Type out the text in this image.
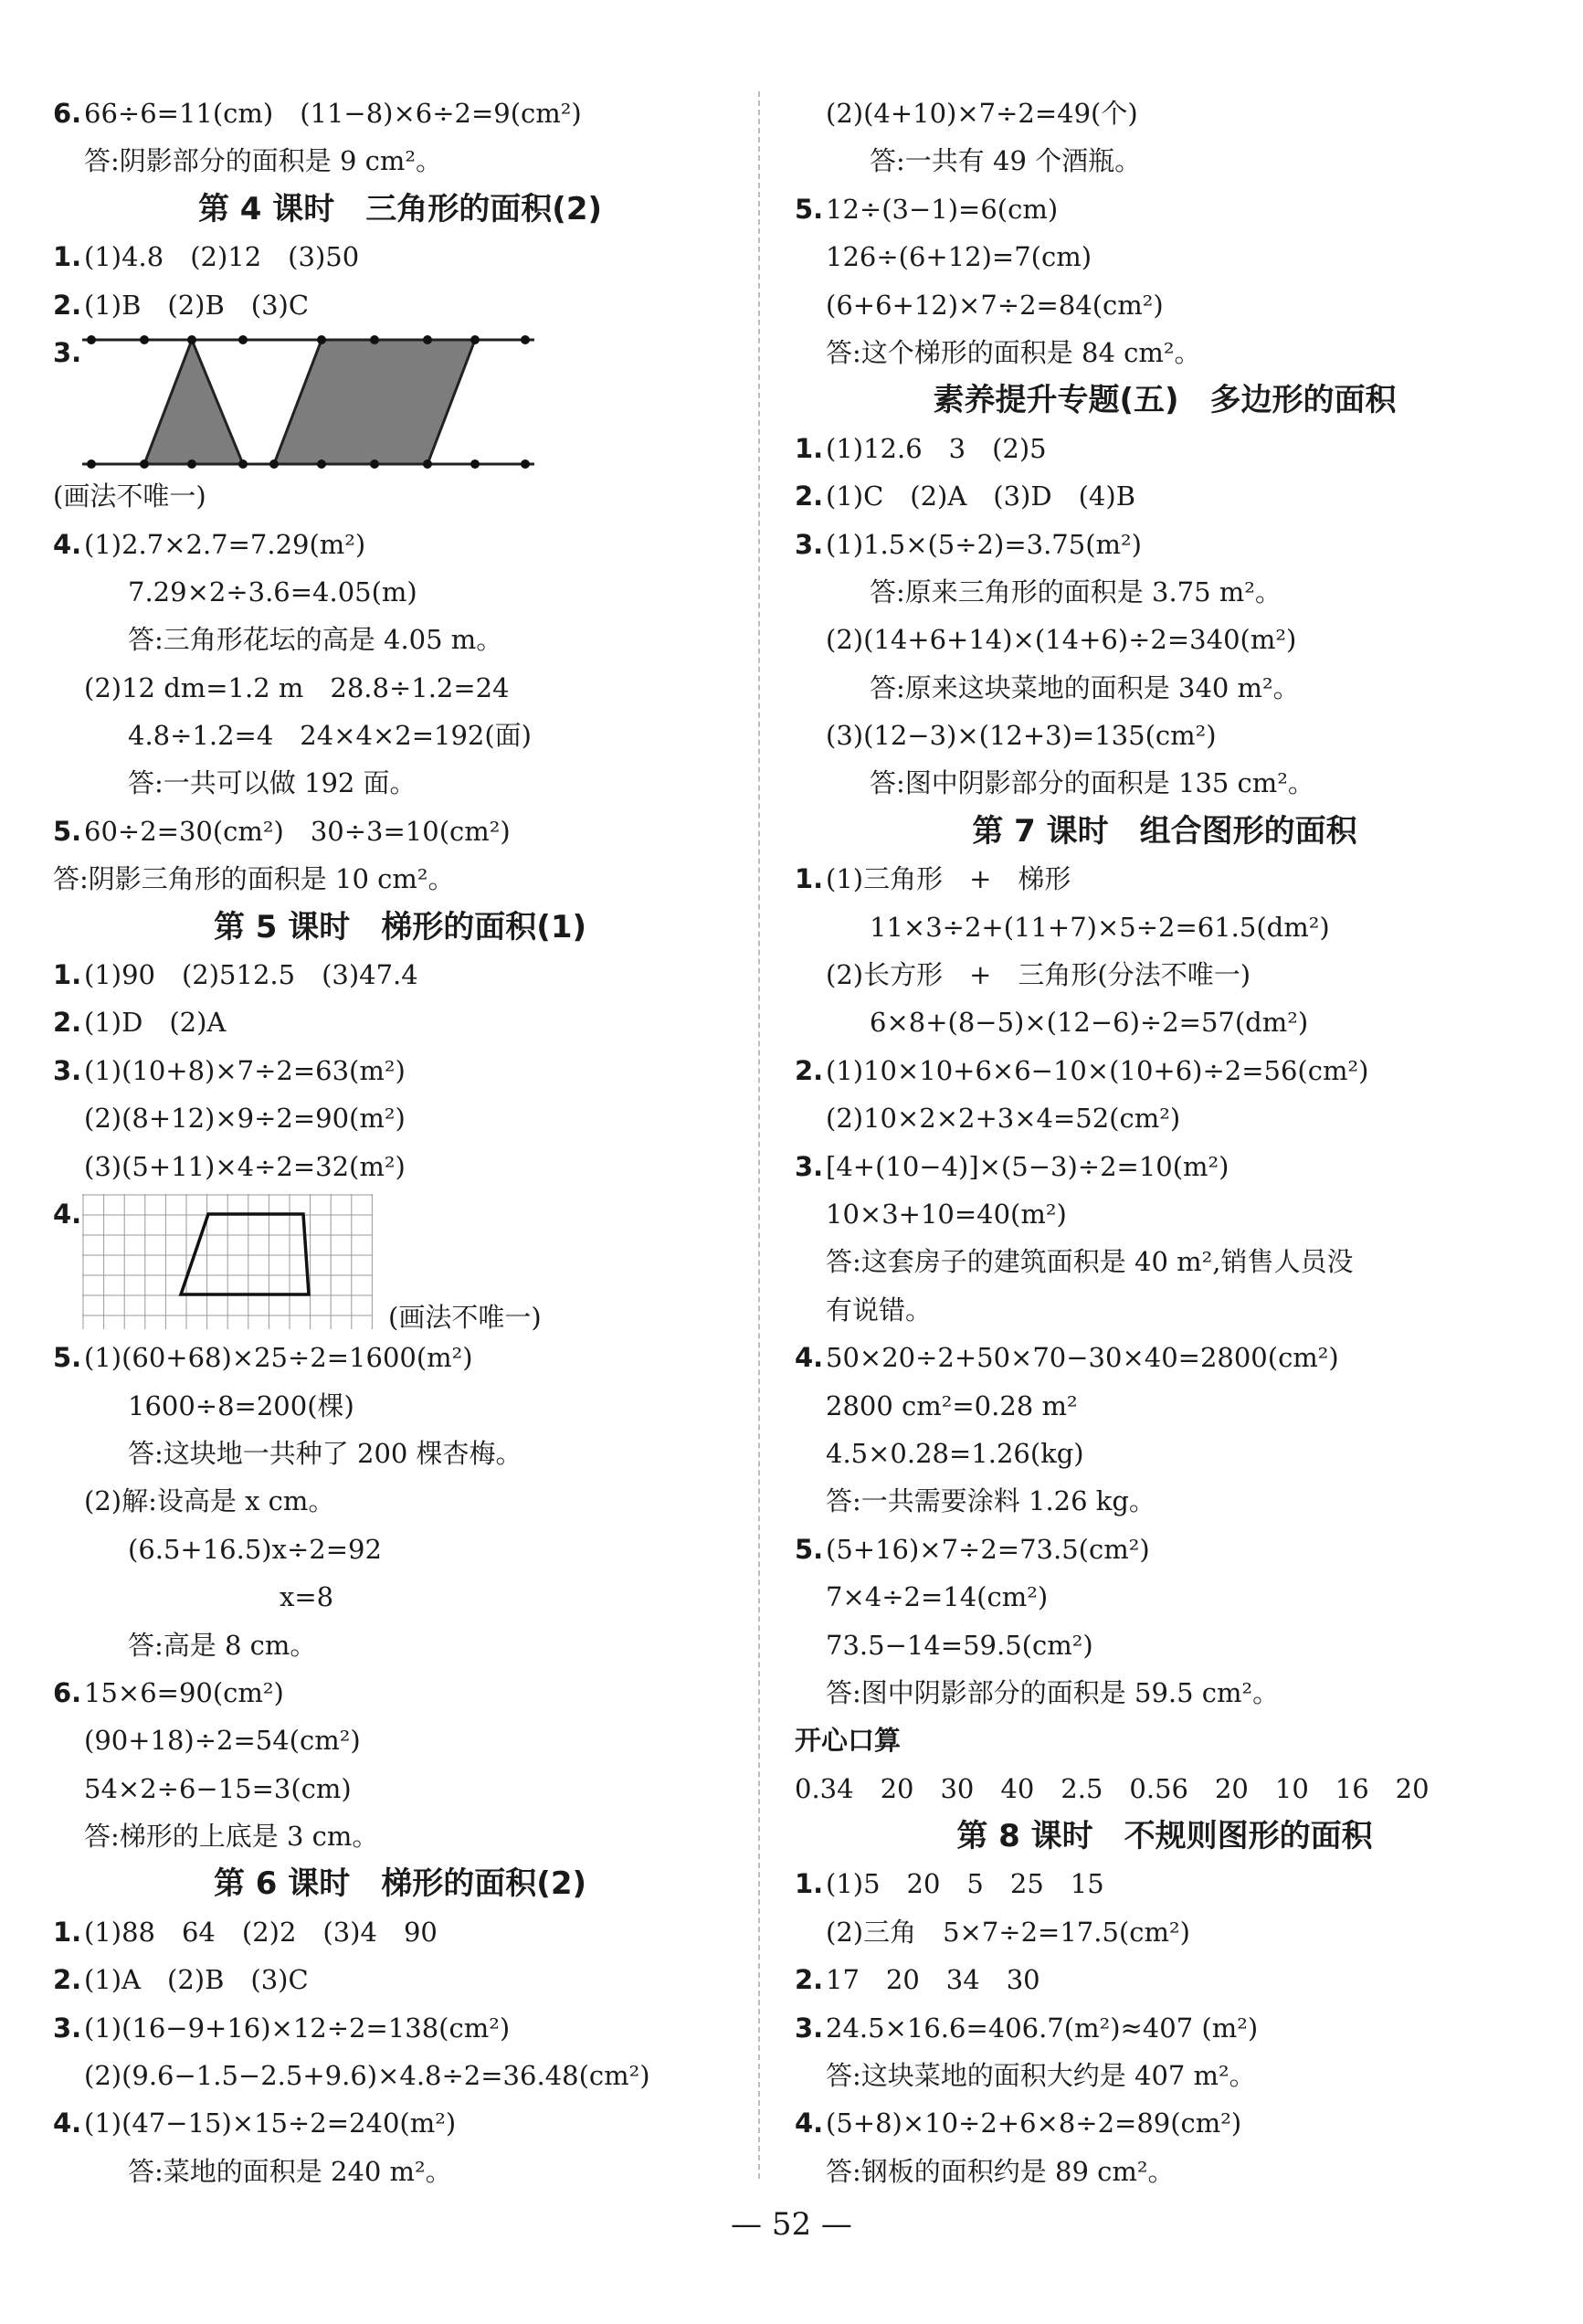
6.66÷6=11(cm)　(11−8)×6÷2=9(cm²)
答:阴影部分的面积是 9 cm²。
第 4 课时　三角形的面积(2)
1.(1)4.8　(2)12　(3)50
2.(1)B　(2)B　(3)C
3.
(画法不唯一)
4.(1)2.7×2.7=7.29(m²)
7.29×2÷3.6=4.05(m)
答:三角形花坛的高是 4.05 m。
(2)12 dm=1.2 m　28.8÷1.2=24
4.8÷1.2=4　24×4×2=192(面)
答:一共可以做 192 面。
5.60÷2=30(cm²)　30÷3=10(cm²)
答:阴影三角形的面积是 10 cm²。
第 5 课时　梯形的面积(1)
1.(1)90　(2)512.5　(3)47.4
2.(1)D　(2)A
3.(1)(10+8)×7÷2=63(m²)
(2)(8+12)×9÷2=90(m²)
(3)(5+11)×4÷2=32(m²)
4.
5.(1)(60+68)×25÷2=1600(m²)
1600÷8=200(棵)
答:这块地一共种了 200 棵杏梅。
(2)解:设高是 x cm。
(6.5+16.5)x÷2=92
x=8
答:高是 8 cm。
6.15×6=90(cm²)
(90+18)÷2=54(cm²)
54×2÷6−15=3(cm)
答:梯形的上底是 3 cm。
第 6 课时　梯形的面积(2)
1.(1)88　64　(2)2　(3)4　90
2.(1)A　(2)B　(3)C
3.(1)(16−9+16)×12÷2=138(cm²)
(2)(9.6−1.5−2.5+9.6)×4.8÷2=36.48(cm²)
4.(1)(47−15)×15÷2=240(m²)
答:菜地的面积是 240 m²。
(2)(4+10)×7÷2=49(个)
答:一共有 49 个酒瓶。
5.12÷(3−1)=6(cm)
126÷(6+12)=7(cm)
(6+6+12)×7÷2=84(cm²)
答:这个梯形的面积是 84 cm²。
素养提升专题(五)　多边形的面积
1.(1)12.6　3　(2)5
2.(1)C　(2)A　(3)D　(4)B
3.(1)1.5×(5÷2)=3.75(m²)
答:原来三角形的面积是 3.75 m²。
(2)(14+6+14)×(14+6)÷2=340(m²)
答:原来这块菜地的面积是 340 m²。
(3)(12−3)×(12+3)=135(cm²)
答:图中阴影部分的面积是 135 cm²。
第 7 课时　组合图形的面积
1.(1)三角形　+　梯形
11×3÷2+(11+7)×5÷2=61.5(dm²)
(2)长方形　+　三角形(分法不唯一)
6×8+(8−5)×(12−6)÷2=57(dm²)
2.(1)10×10+6×6−10×(10+6)÷2=56(cm²)
(2)10×2×2+3×4=52(cm²)
3.[4+(10−4)]×(5−3)÷2=10(m²)
10×3+10=40(m²)
答:这套房子的建筑面积是 40 m²,销售人员没
有说错。
4.50×20÷2+50×70−30×40=2800(cm²)
2800 cm²=0.28 m²
4.5×0.28=1.26(kg)
答:一共需要涂料 1.26 kg。
5.(5+16)×7÷2=73.5(cm²)
7×4÷2=14(cm²)
73.5−14=59.5(cm²)
答:图中阴影部分的面积是 59.5 cm²。
开心口算
0.34　20　30　40　2.5　0.56　20　10　16　20
第 8 课时　不规则图形的面积
1.(1)5　20　5　25　15
(2)三角　5×7÷2=17.5(cm²)
2.17　20　34　30
3.24.5×16.6=406.7(m²)≈407 (m²)
答:这块菜地的面积大约是 407 m²。
4.(5+8)×10÷2+6×8÷2=89(cm²)
答:钢板的面积约是 89 cm²。
(画法不唯一)
— 52 —
